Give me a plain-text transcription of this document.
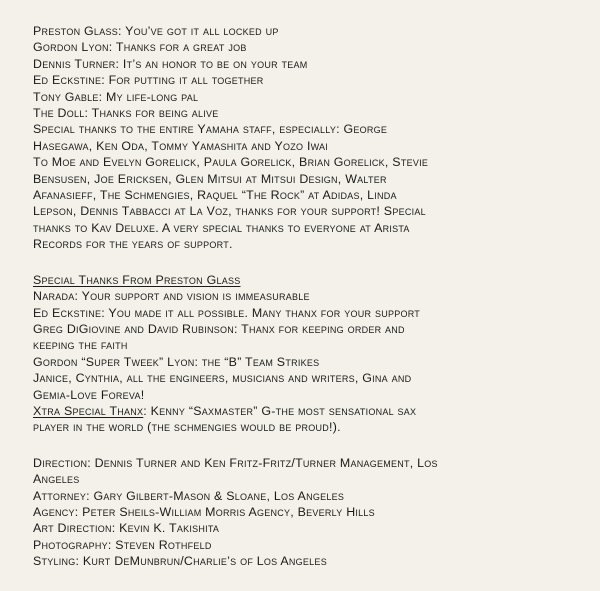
Preston Glass: You’ve got it all locked up
Gordon Lyon: Thanks for a great job
Dennis Turner: It’s an honor to be on your team
Ed Eckstine: For putting it all together
Tony Gable: My life-long pal
The Doll: Thanks for being alive
Special thanks to the entire Yamaha staff, especially: George
Hasegawa, Ken Oda, Tommy Yamashita and Yozo Iwai
To Moe and Evelyn Gorelick, Paula Gorelick, Brian Gorelick, Stevie
Bensusen, Joe Ericksen, Glen Mitsui at Mitsui Design, Walter
Afanasieff, The Schmengies, Raquel “The Rock” at Adidas, Linda
Lepson, Dennis Tabbacci at La Voz, thanks for your support! Special
thanks to Kav Deluxe. A very special thanks to everyone at Arista
Records for the years of support.
Special Thanks From Preston Glass
Narada: Your support and vision is immeasurable
Ed Eckstine: You made it all possible. Many thanx for your support
Greg DiGiovine and David Rubinson: Thanx for keeping order and
keeping the faith
Gordon “Super Tweek” Lyon: the “B” Team Strikes
Janice, Cynthia, all the engineers, musicians and writers, Gina and
Gemia-Love Foreva!
Xtra Special Thanx: Kenny “Saxmaster” G-the most sensational sax
player in the world (the schmengies would be proud!).
Direction: Dennis Turner and Ken Fritz-Fritz/Turner Management, Los
Angeles
Attorney: Gary Gilbert-Mason & Sloane, Los Angeles
Agency: Peter Sheils-William Morris Agency, Beverly Hills
Art Direction: Kevin K. Takishita
Photography: Steven Rothfeld
Styling: Kurt DeMunbrun/Charlie’s of Los Angeles
